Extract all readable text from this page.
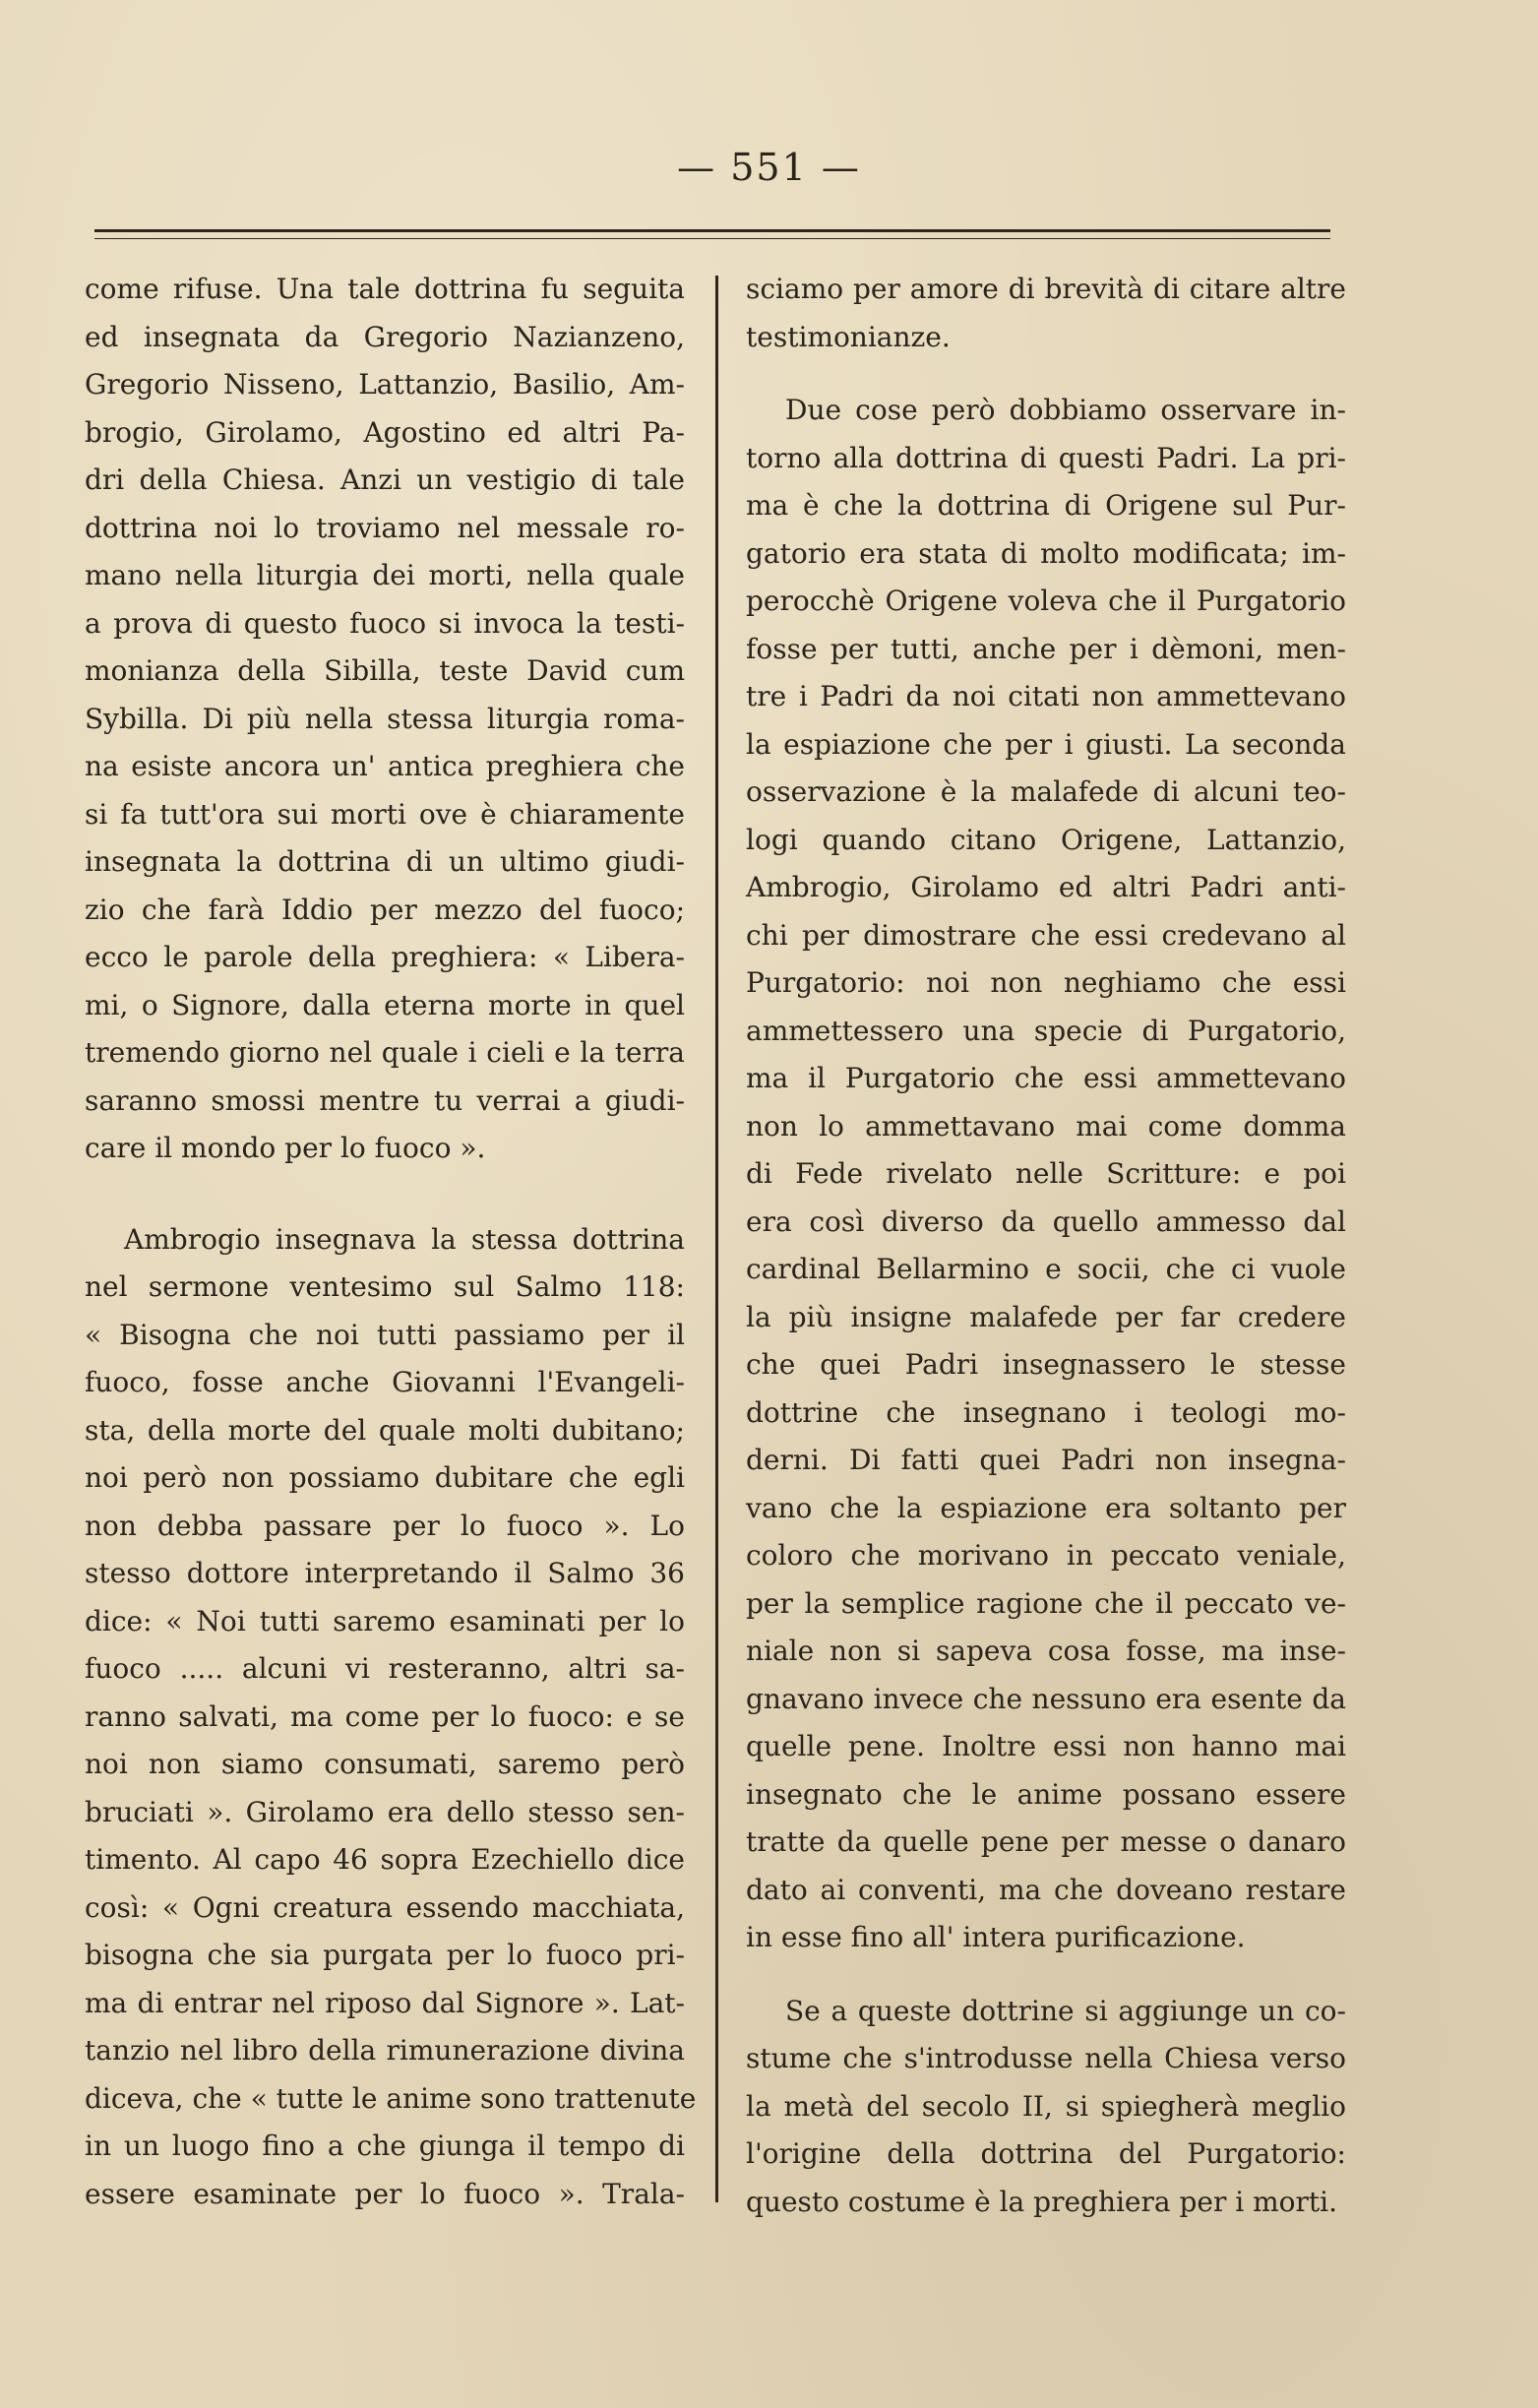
— 551 —

come rifuse. Una tale dottrina fu seguita
ed insegnata da Gregorio Nazianzeno,
Gregorio Nisseno, Lattanzio, Basilio, Am-
brogio, Girolamo, Agostino ed altri Pa-
dri della Chiesa. Anzi un vestigio di tale
dottrina noi lo troviamo nel messale ro-
mano nella liturgia dei morti, nella quale
a prova di questo fuoco si invoca la testi-
monianza della Sibilla, teste David cum
Sybilla. Di più nella stessa liturgia roma-
na esiste ancora un' antica preghiera che
si fa tutt'ora sui morti ove è chiaramente
insegnata la dottrina di un ultimo giudi-
zio che farà Iddio per mezzo del fuoco;
ecco le parole della preghiera: « Libera-
mi, o Signore, dalla eterna morte in quel
tremendo giorno nel quale i cieli e la terra
saranno smossi mentre tu verrai a giudi-
care il mondo per lo fuoco ».

Ambrogio insegnava la stessa dottrina
nel sermone ventesimo sul Salmo 118:
« Bisogna che noi tutti passiamo per il
fuoco, fosse anche Giovanni l'Evangeli-
sta, della morte del quale molti dubitano;
noi però non possiamo dubitare che egli
non debba passare per lo fuoco ». Lo
stesso dottore interpretando il Salmo 36
dice: « Noi tutti saremo esaminati per lo
fuoco ..... alcuni vi resteranno, altri sa-
ranno salvati, ma come per lo fuoco: e se
noi non siamo consumati, saremo però
bruciati ». Girolamo era dello stesso sen-
timento. Al capo 46 sopra Ezechiello dice
così: « Ogni creatura essendo macchiata,
bisogna che sia purgata per lo fuoco pri-
ma di entrar nel riposo dal Signore ». Lat-
tanzio nel libro della rimunerazione divina
diceva, che « tutte le anime sono trattenute
in un luogo fino a che giunga il tempo di
essere esaminate per lo fuoco ». Trala-

sciamo per amore di brevità di citare altre
testimonianze.

Due cose però dobbiamo osservare in-
torno alla dottrina di questi Padri. La pri-
ma è che la dottrina di Origene sul Pur-
gatorio era stata di molto modificata; im-
perocchè Origene voleva che il Purgatorio
fosse per tutti, anche per i dèmoni, men-
tre i Padri da noi citati non ammettevano
la espiazione che per i giusti. La seconda
osservazione è la malafede di alcuni teo-
logi quando citano Origene, Lattanzio,
Ambrogio, Girolamo ed altri Padri anti-
chi per dimostrare che essi credevano al
Purgatorio: noi non neghiamo che essi
ammettessero una specie di Purgatorio,
ma il Purgatorio che essi ammettevano
non lo ammettavano mai come domma
di Fede rivelato nelle Scritture: e poi
era così diverso da quello ammesso dal
cardinal Bellarmino e socii, che ci vuole
la più insigne malafede per far credere
che quei Padri insegnassero le stesse
dottrine che insegnano i teologi mo-
derni. Di fatti quei Padri non insegna-
vano che la espiazione era soltanto per
coloro che morivano in peccato veniale,
per la semplice ragione che il peccato ve-
niale non si sapeva cosa fosse, ma inse-
gnavano invece che nessuno era esente da
quelle pene. Inoltre essi non hanno mai
insegnato che le anime possano essere
tratte da quelle pene per messe o danaro
dato ai conventi, ma che doveano restare
in esse fino all' intera purificazione.

Se a queste dottrine si aggiunge un co-
stume che s'introdusse nella Chiesa verso
la metà del secolo II, si spiegherà meglio
l'origine della dottrina del Purgatorio:
questo costume è la preghiera per i morti.
